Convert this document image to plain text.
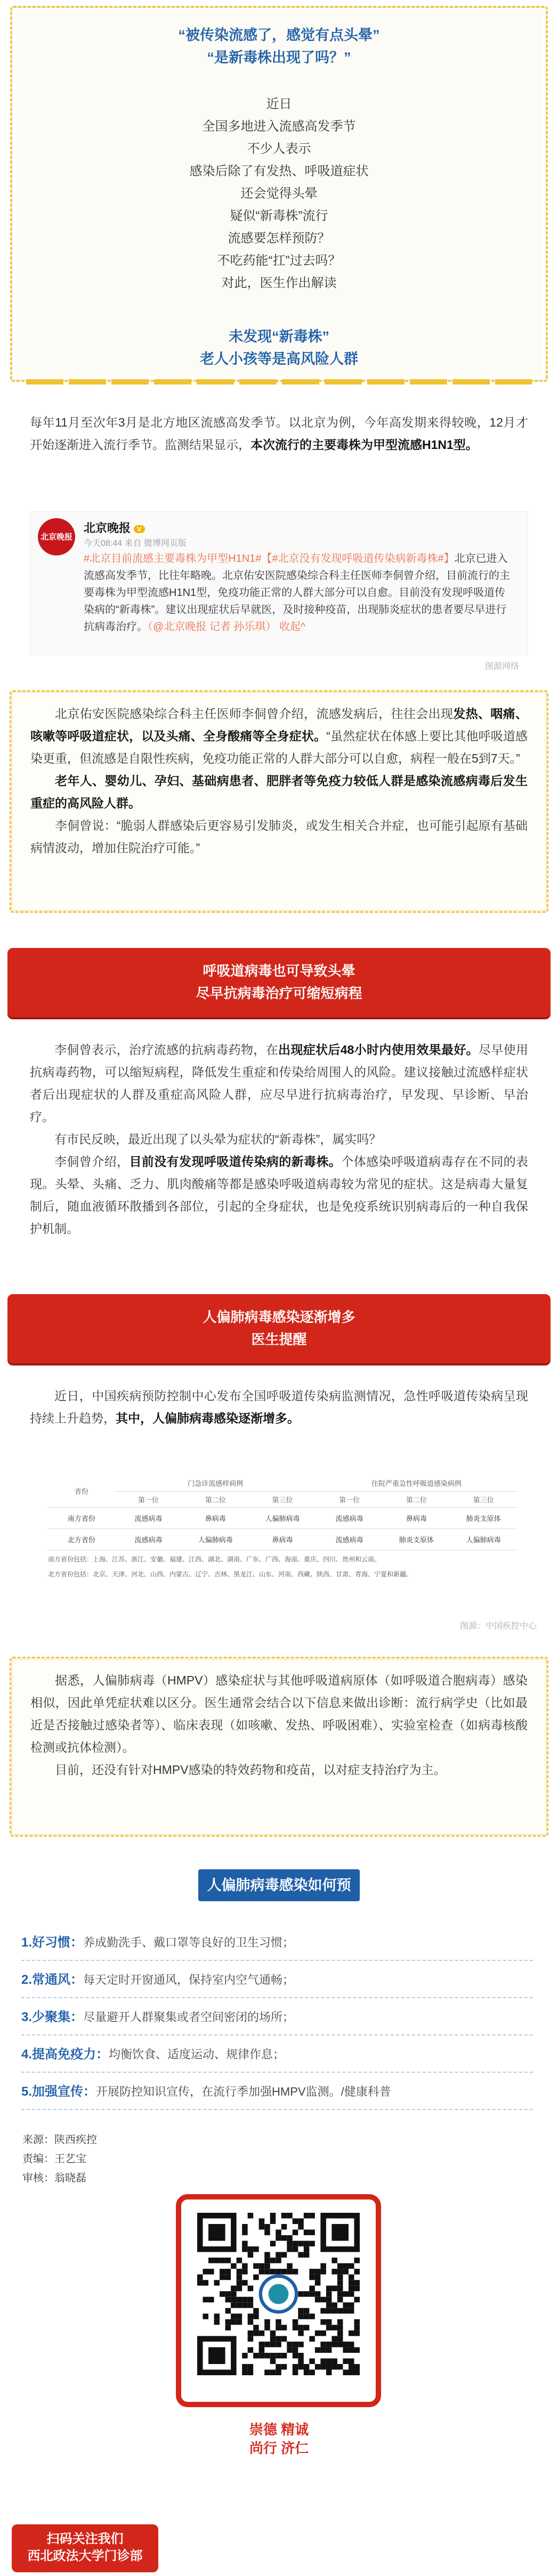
“被传染流感了，感觉有点头晕”
“是新毒株出现了吗？”
近日
全国多地进入流感高发季节
不少人表示
感染后除了有发热、呼吸道症状
还会觉得头晕
疑似“新毒株”流行
流感要怎样预防？
不吃药能“扛”过去吗？
对此，医生作出解读
未发现“新毒株”
老人小孩等是高风险人群

每年11月至次年3月是北方地区流感高发季节。以北京为例，今年高发期来得较晚，12月才开始逐渐进入流行季节。监测结果显示，本次流行的主要毒株为甲型流感H1N1型。

北京晚报
北京晚报 V
今天08:44 来自 微博网页版
#北京目前流感主要毒株为甲型H1N1#【#北京没有发现呼吸道传染病新毒株#】北京已进入流感高发季节，比往年略晚。北京佑安医院感染综合科主任医师李侗曾介绍，目前流行的主要毒株为甲型流感H1N1型，免疫功能正常的人群大部分可以自愈。目前没有发现呼吸道传染病的“新毒株”。建议出现症状后早就医，及时接种疫苗，出现肺炎症状的患者要尽早进行抗病毒治疗。（@北京晚报 记者 孙乐琪） 收起^
图源网络

北京佑安医院感染综合科主任医师李侗曾介绍，流感发病后，往往会出现发热、咽痛、咳嗽等呼吸道症状，以及头痛、全身酸痛等全身症状。“虽然症状在体感上要比其他呼吸道感染更重，但流感是自限性疾病，免疫功能正常的人群大部分可以自愈，病程一般在5到7天。”

老年人、婴幼儿、孕妇、基础病患者、肥胖者等免疫力较低人群是感染流感病毒后发生重症的高风险人群。

李侗曾说：“脆弱人群感染后更容易引发肺炎，或发生相关合并症，也可能引起原有基础病情波动，增加住院治疗可能。”

呼吸道病毒也可导致头晕
尽早抗病毒治疗可缩短病程

李侗曾表示，治疗流感的抗病毒药物，在出现症状后48小时内使用效果最好。尽早使用抗病毒药物，可以缩短病程，降低发生重症和传染给周围人的风险。建议接触过流感样症状者后出现症状的人群及重症高风险人群，应尽早进行抗病毒治疗，早发现、早诊断、早治疗。

有市民反映，最近出现了以头晕为症状的“新毒株”，属实吗？

李侗曾介绍，目前没有发现呼吸道传染病的新毒株。个体感染呼吸道病毒存在不同的表现。头晕、头痛、乏力、肌肉酸痛等都是感染呼吸道病毒较为常见的症状。这是病毒大量复制后，随血液循环散播到各部位，引起的全身症状，也是免疫系统识别病毒后的一种自我保护机制。

人偏肺病毒感染逐渐增多
医生提醒

近日，中国疾病预防控制中心发布全国呼吸道传染病监测情况，急性呼吸道传染病呈现持续上升趋势，其中，人偏肺病毒感染逐渐增多。

省份	门急诊流感样病例			住院严重急性呼吸道感染病例		
	第一位	第二位	第三位	第一位	第二位	第三位
南方省份	流感病毒	鼻病毒	人偏肺病毒	流感病毒	鼻病毒	肺炎支原体
北方省份	流感病毒	人偏肺病毒	鼻病毒	流感病毒	肺炎支原体	人偏肺病毒
南方省份包括：上海、江苏、浙江、安徽、福建、江西、湖北、湖南、广东、广西、海南、重庆、四川、贵州和云南。
北方省份包括：北京、天津、河北、山西、内蒙古、辽宁、吉林、黑龙江、山东、河南、西藏、陕西、甘肃、青海、宁夏和新疆。
图源：中国疾控中心

据悉，人偏肺病毒（HMPV）感染症状与其他呼吸道病原体（如呼吸道合胞病毒）感染相似，因此单凭症状难以区分。医生通常会结合以下信息来做出诊断：流行病学史（比如最近是否接触过感染者等）、临床表现（如咳嗽、发热、呼吸困难）、实验室检查（如病毒核酸检测或抗体检测）。

目前，还没有针对HMPV感染的特效药物和疫苗，以对症支持治疗为主。

人偏肺病毒感染如何预防?
1.好习惯：养成勤洗手、戴口罩等良好的卫生习惯；
2.常通风：每天定时开窗通风，保持室内空气通畅；
3.少聚集：尽量避开人群聚集或者空间密闭的场所；
4.提高免疫力：均衡饮食、适度运动、规律作息；
5.加强宣传：开展防控知识宣传，在流行季加强HMPV监测。/健康科普
来源：陕西疾控
责编：王艺宝
审核：翁晓磊
崇德 精诚
尚行 济仁
扫码关注我们
西北政法大学门诊部
